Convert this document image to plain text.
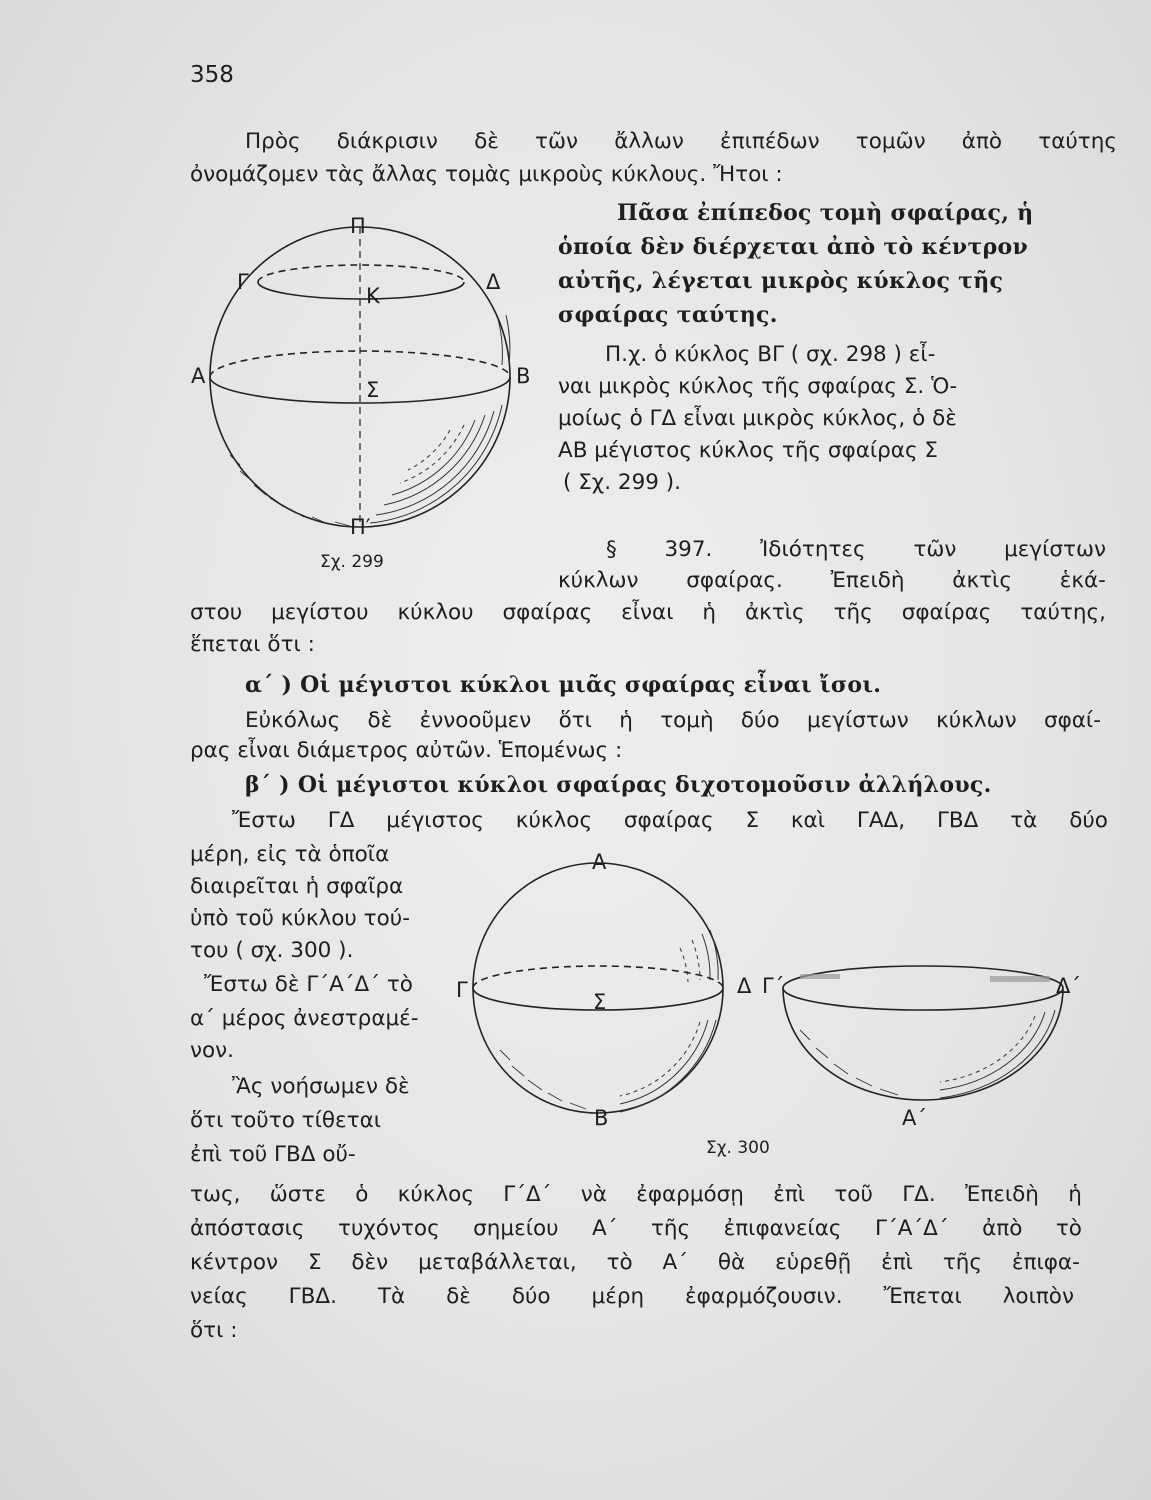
358
Πρὸς διάκρισιν δὲ τῶν ἄλλων ἐπιπέδων τομῶν ἀπὸ ταύτης
ὀνομάζομεν τὰς ἄλλας τομὰς μικροὺς κύκλους. Ἤτοι :
Πᾶσα ἐπίπεδος τομὴ σφαίρας, ἡ
ὁποία δὲν διέρχεται ἀπὸ τὸ κέντρον
αὐτῆς, λέγεται μικρὸς κύκλος τῆς
σφαίρας ταύτης.
Π.χ. ὁ κύκλος ΒΓ ( σχ. 298 ) εἶ-
ναι μικρὸς κύκλος τῆς σφαίρας Σ. Ὁ-
μοίως ὁ ΓΔ εἶναι μικρὸς κύκλος, ὁ δὲ
ΑΒ μέγιστος κύκλος τῆς σφαίρας Σ
( Σχ. 299 ).
Π
Γ	Δ
Κ
Α	Β
Σ
Π′
Σχ. 299	§ 397. Ἰδιότητες τῶν μεγίστων
κύκλων σφαίρας. Ἐπειδὴ ἀκτὶς ἑκά-
στου μεγίστου κύκλου σφαίρας εἶναι ἡ ἀκτὶς τῆς σφαίρας ταύτης,
ἕπεται ὅτι :
α΄ ) Οἱ μέγιστοι κύκλοι μιᾶς σφαίρας εἶναι ἴσοι.
Εὐκόλως δὲ ἐννοοῦμεν ὅτι ἡ τομὴ δύο μεγίστων κύκλων σφαί-
ρας εἶναι διάμετρος αὐτῶν. Ἑπομένως :
β΄ ) Οἱ μέγιστοι κύκλοι σφαίρας διχοτομοῦσιν ἀλλήλους.
Ἔστω ΓΔ μέγιστος κύκλος σφαίρας Σ καὶ ΓΑΔ, ΓΒΔ τὰ δύο
μέρη, εἰς τὰ ὁποῖα
διαιρεῖται ἡ σφαῖρα
ὑπὸ τοῦ κύκλου τού-
του ( σχ. 300 ).
Ἔστω δὲ Γ΄Α΄Δ΄ τὸ
α΄ μέρος ἀνεστραμέ-
νον.
Ἂς νοήσωμεν δὲ
ὅτι τοῦτο τίθεται
ἐπὶ τοῦ ΓΒΔ οὔ-
Α
Γ	Δ
Σ
Β
Γ΄	Δ΄
Α΄
Σχ. 300
τως, ὥστε ὁ κύκλος Γ΄Δ΄ νὰ ἐφαρμόσῃ ἐπὶ τοῦ ΓΔ. Ἐπειδὴ ἡ
ἀπόστασις τυχόντος σημείου Α΄ τῆς ἐπιφανείας Γ΄Α΄Δ΄ ἀπὸ τὸ
κέντρον Σ δὲν μεταβάλλεται, τὸ Α΄ θὰ εὑρεθῇ ἐπὶ τῆς ἐπιφα-
νείας ΓΒΔ. Τὰ δὲ δύο μέρη ἐφαρμόζουσιν. Ἔπεται λοιπὸν
ὅτι :
